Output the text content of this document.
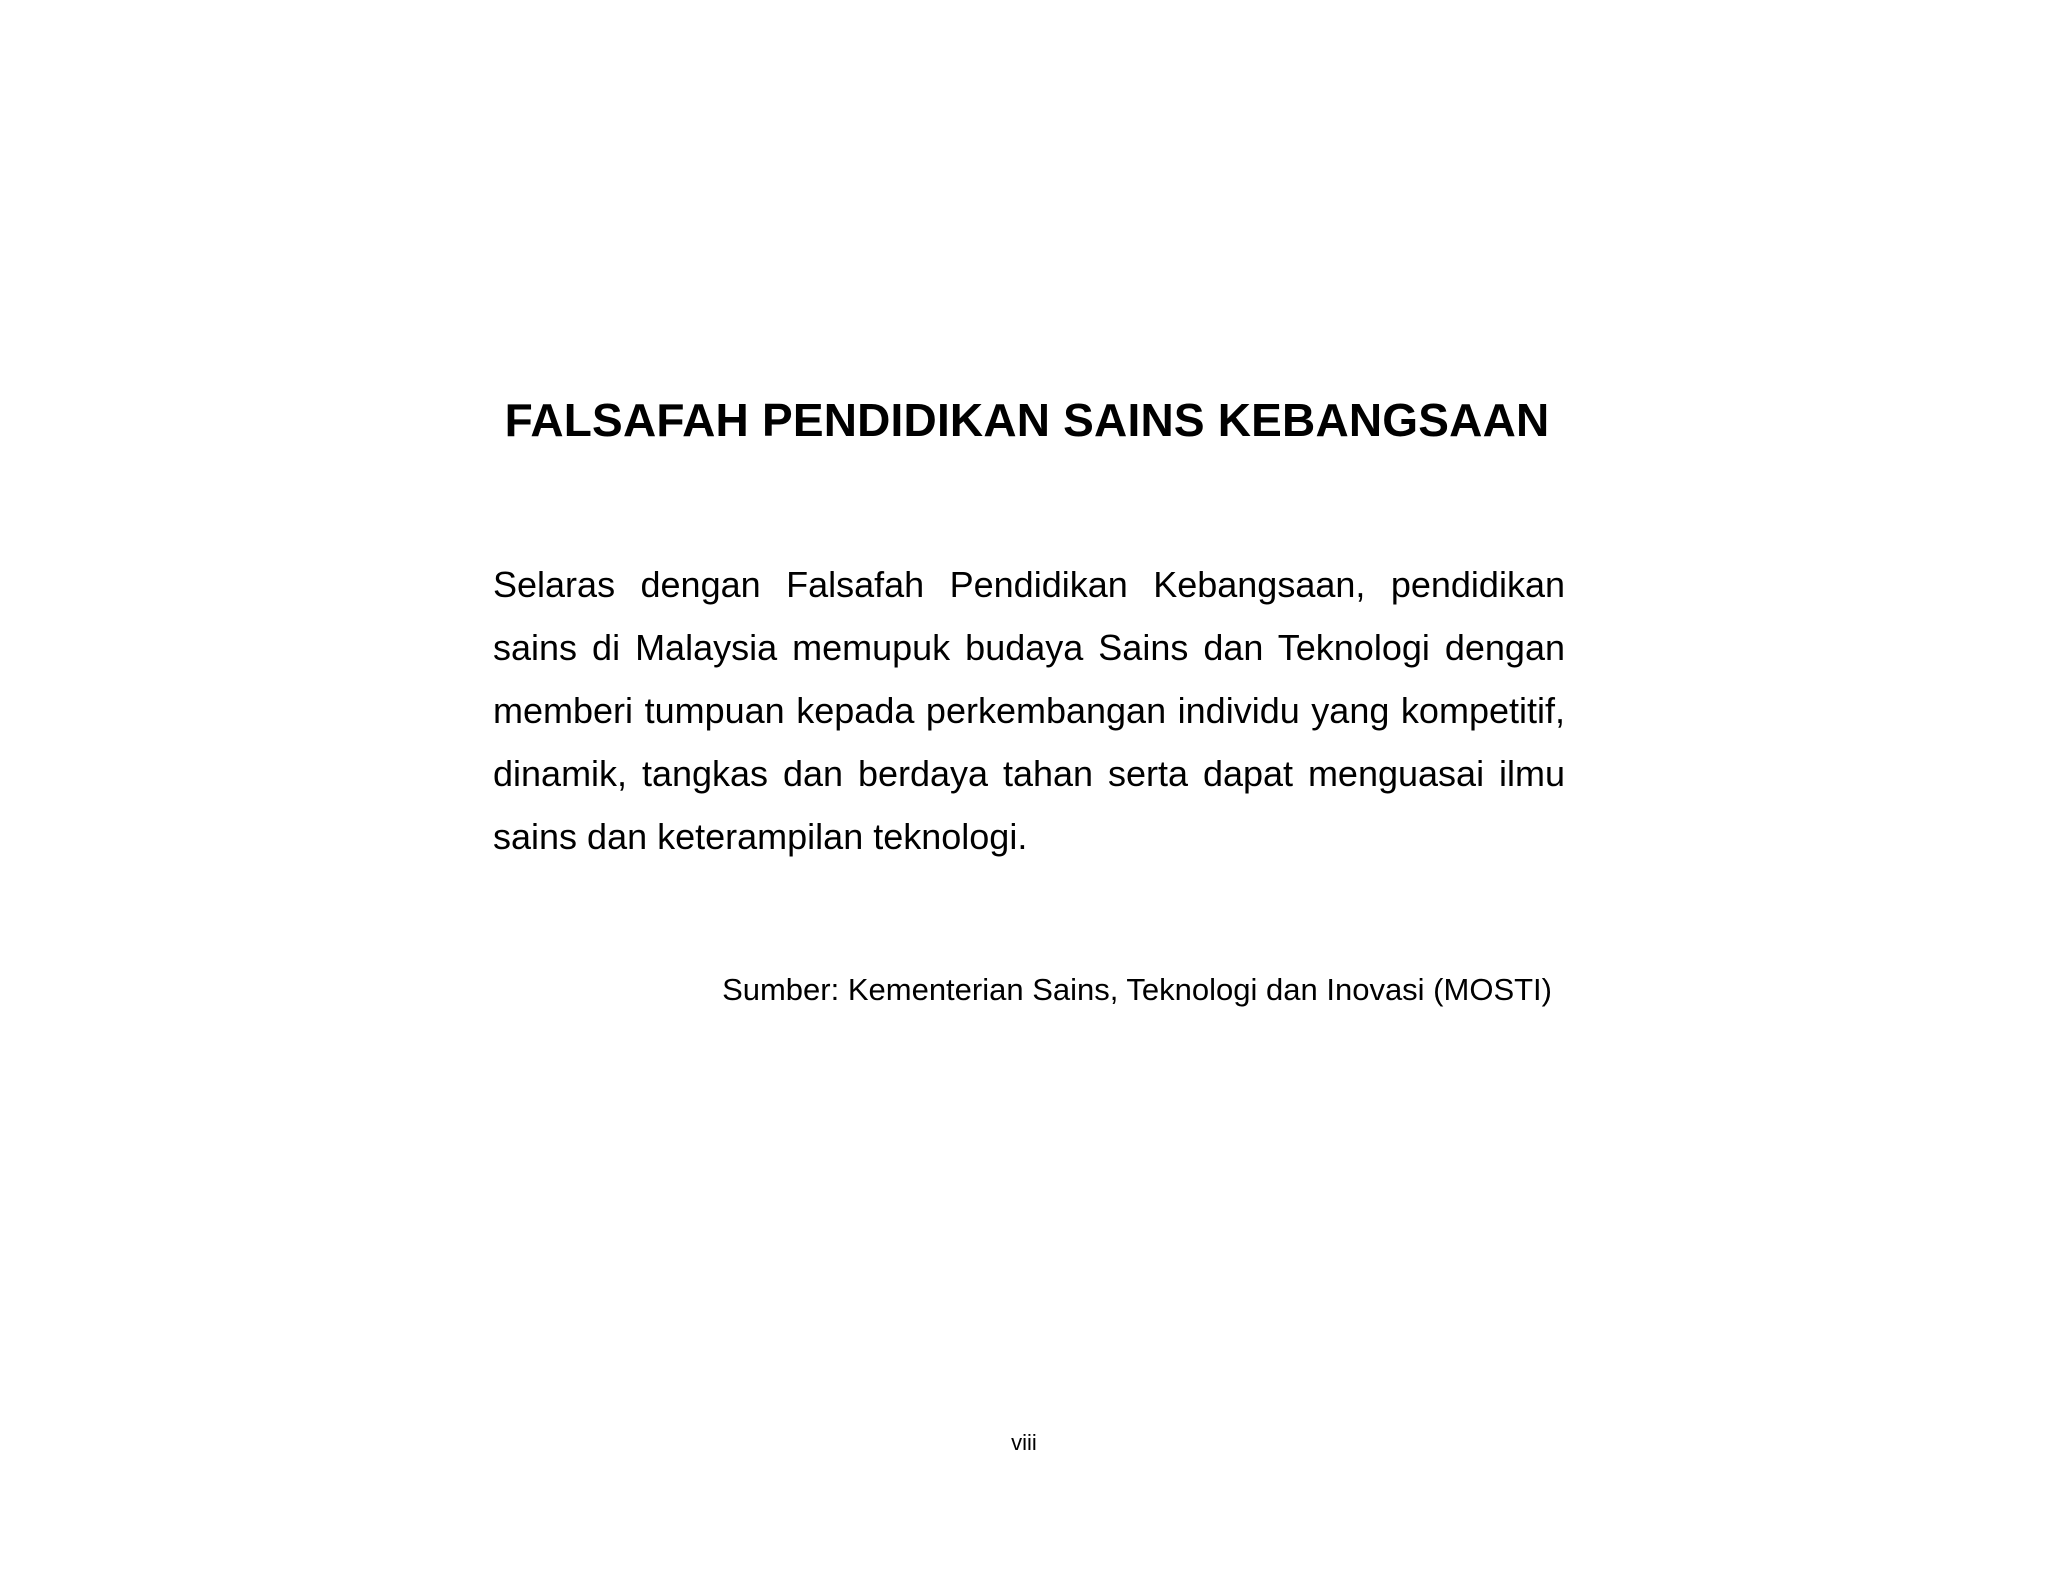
FALSAFAH PENDIDIKAN SAINS KEBANGSAAN

Selaras dengan Falsafah Pendidikan Kebangsaan, pendidikan sains di Malaysia memupuk budaya Sains dan Teknologi dengan memberi tumpuan kepada perkembangan individu yang kompetitif, dinamik, tangkas dan berdaya tahan serta dapat menguasai ilmu sains dan keterampilan teknologi.

Sumber: Kementerian Sains, Teknologi dan Inovasi (MOSTI)

viii
